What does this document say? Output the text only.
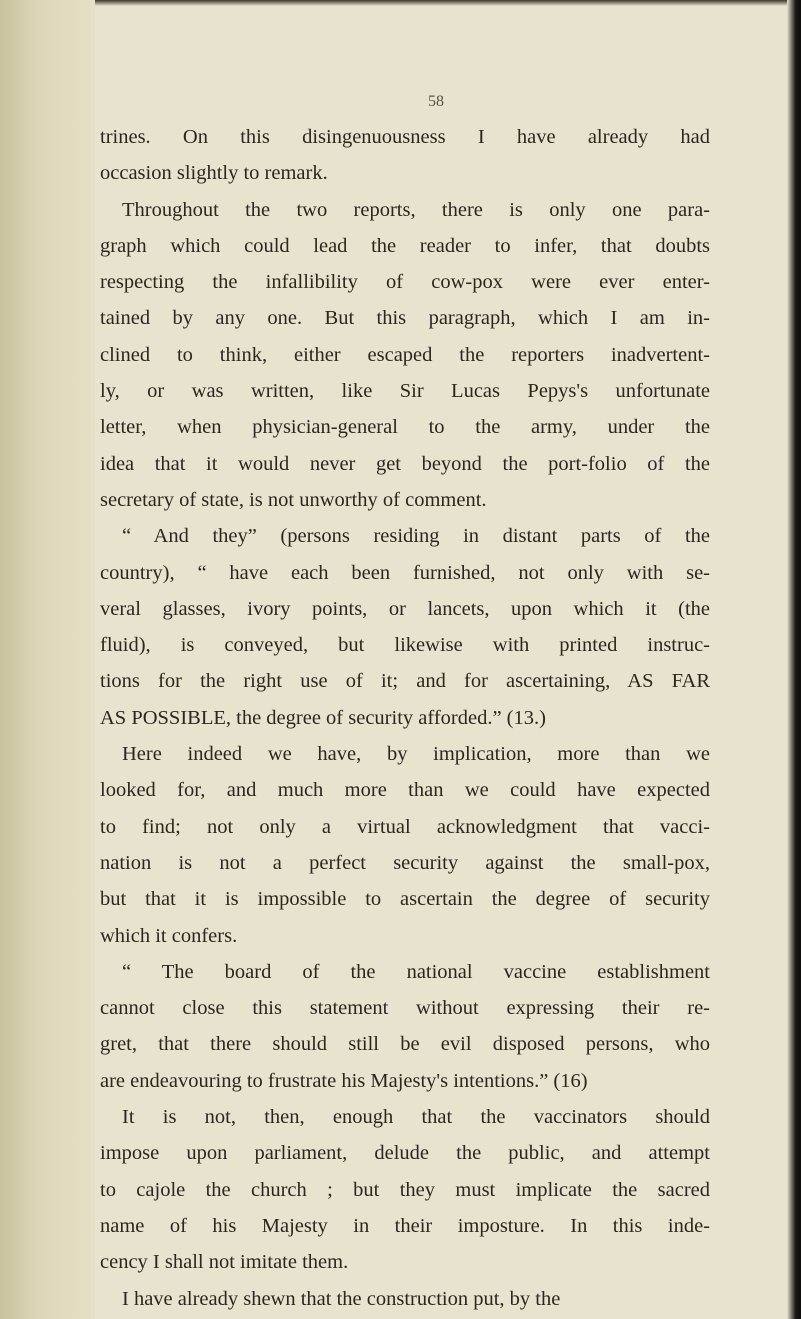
58
trines. On this disingenuousness I have already had
occasion slightly to remark.
Throughout the two reports, there is only one para-
graph which could lead the reader to infer, that doubts
respecting the infallibility of cow-pox were ever enter-
tained by any one. But this paragraph, which I am in-
clined to think, either escaped the reporters inadvertent-
ly, or was written, like Sir Lucas Pepys's unfortunate
letter, when physician-general to the army, under the
idea that it would never get beyond the port-folio of the
secretary of state, is not unworthy of comment.
“ And they” (persons residing in distant parts of the
country), “ have each been furnished, not only with se-
veral glasses, ivory points, or lancets, upon which it (the
fluid), is conveyed, but likewise with printed instruc-
tions for the right use of it; and for ascertaining, AS FAR
AS POSSIBLE, the degree of security afforded.” (13.)
Here indeed we have, by implication, more than we
looked for, and much more than we could have expected
to find; not only a virtual acknowledgment that vacci-
nation is not a perfect security against the small-pox,
but that it is impossible to ascertain the degree of security
which it confers.
“ The board of the national vaccine establishment
cannot close this statement without expressing their re-
gret, that there should still be evil disposed persons, who
are endeavouring to frustrate his Majesty's intentions.” (16)
It is not, then, enough that the vaccinators should
impose upon parliament, delude the public, and attempt
to cajole the church ; but they must implicate the sacred
name of his Majesty in their imposture. In this inde-
cency I shall not imitate them.
I have already shewn that the construction put, by the
